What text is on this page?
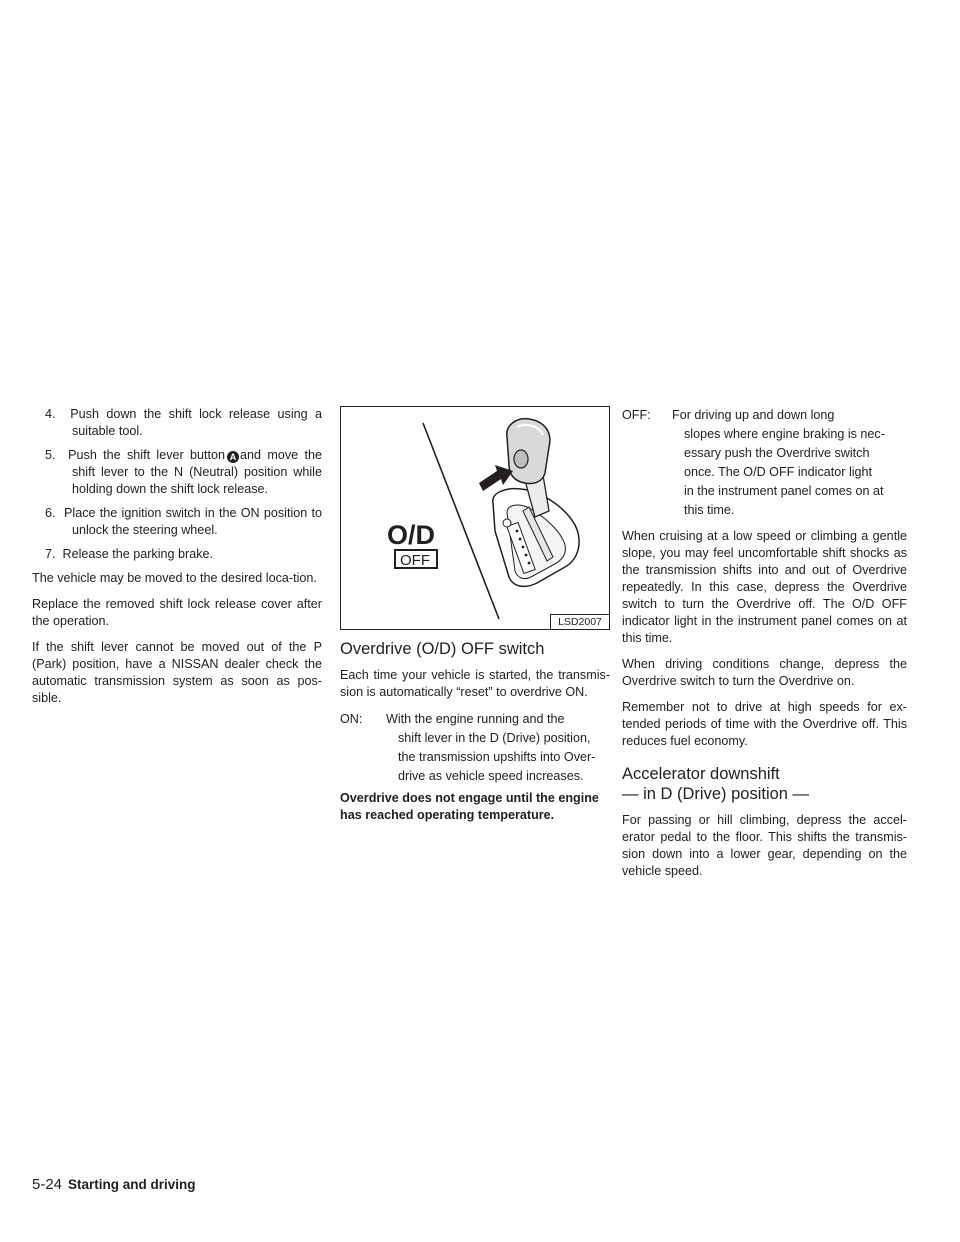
4. Push down the shift lock release using a suitable tool.
5. Push the shift lever button A and move the shift lever to the N (Neutral) position while holding down the shift lock release.
6. Place the ignition switch in the ON position to unlock the steering wheel.
7. Release the parking brake.

The vehicle may be moved to the desired loca-tion.

Replace the removed shift lock release cover after the operation.

If the shift lever cannot be moved out of the P (Park) position, have a NISSAN dealer check the automatic transmission system as soon as pos-sible.

O/D
OFF
LSD2007
Overdrive (O/D) OFF switch

Each time your vehicle is started, the transmis-sion is automatically “reset” to overdrive ON.

ON:	With the engine running and the
shift lever in the D (Drive) position,
the transmission upshifts into Over-
drive as vehicle speed increases.

Overdrive does not engage until the engine has reached operating temperature.

OFF:	For driving up and down long
slopes where engine braking is nec-
essary push the Overdrive switch
once. The O/D OFF indicator light
in the instrument panel comes on at
this time.

When cruising at a low speed or climbing a gentle slope, you may feel uncomfortable shift shocks as the transmission shifts into and out of Overdrive repeatedly. In this case, depress the Overdrive switch to turn the Overdrive off. The O/D OFF indicator light in the instrument panel comes on at this time.

When driving conditions change, depress the Overdrive switch to turn the Overdrive on.

Remember not to drive at high speeds for ex-tended periods of time with the Overdrive off. This reduces fuel economy.

Accelerator downshift
— in D (Drive) position —

For passing or hill climbing, depress the accel-erator pedal to the floor. This shifts the transmis-sion down into a lower gear, depending on the vehicle speed.

5-24 Starting and driving
